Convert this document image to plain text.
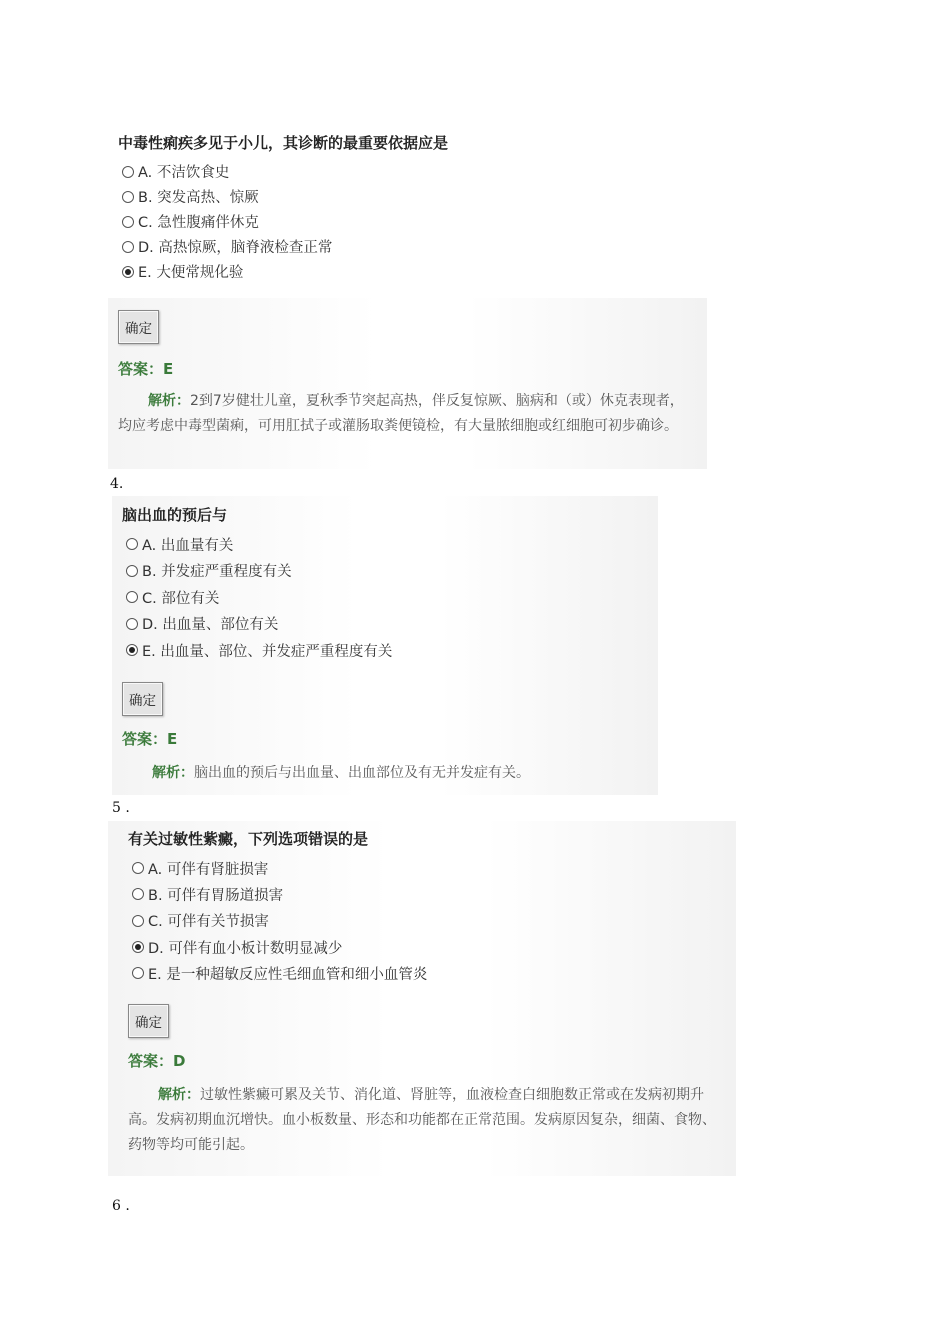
中毒性痢疾多见于小儿，其诊断的最重要依据应是
A. 不洁饮食史
B. 突发高热、惊厥
C. 急性腹痛伴休克
D. 高热惊厥，脑脊液检查正常
E. 大便常规化验
确定
答案：E
解析：2到7岁健壮儿童，夏秋季节突起高热，伴反复惊厥、脑病和（或）休克表现者，均应考虑中毒型菌痢，可用肛拭子或灌肠取粪便镜检，有大量脓细胞或红细胞可初步确诊。
4.
脑出血的预后与
A. 出血量有关
B. 并发症严重程度有关
C. 部位有关
D. 出血量、部位有关
E. 出血量、部位、并发症严重程度有关
确定
答案：E
解析：脑出血的预后与出血量、出血部位及有无并发症有关。
5 .
有关过敏性紫癜，下列选项错误的是
A. 可伴有肾脏损害
B. 可伴有胃肠道损害
C. 可伴有关节损害
D. 可伴有血小板计数明显减少
E. 是一种超敏反应性毛细血管和细小血管炎
确定
答案：D
解析：过敏性紫癜可累及关节、消化道、肾脏等，血液检查白细胞数正常或在发病初期升高。发病初期血沉增快。血小板数量、形态和功能都在正常范围。发病原因复杂，细菌、食物、药物等均可能引起。
6 .
